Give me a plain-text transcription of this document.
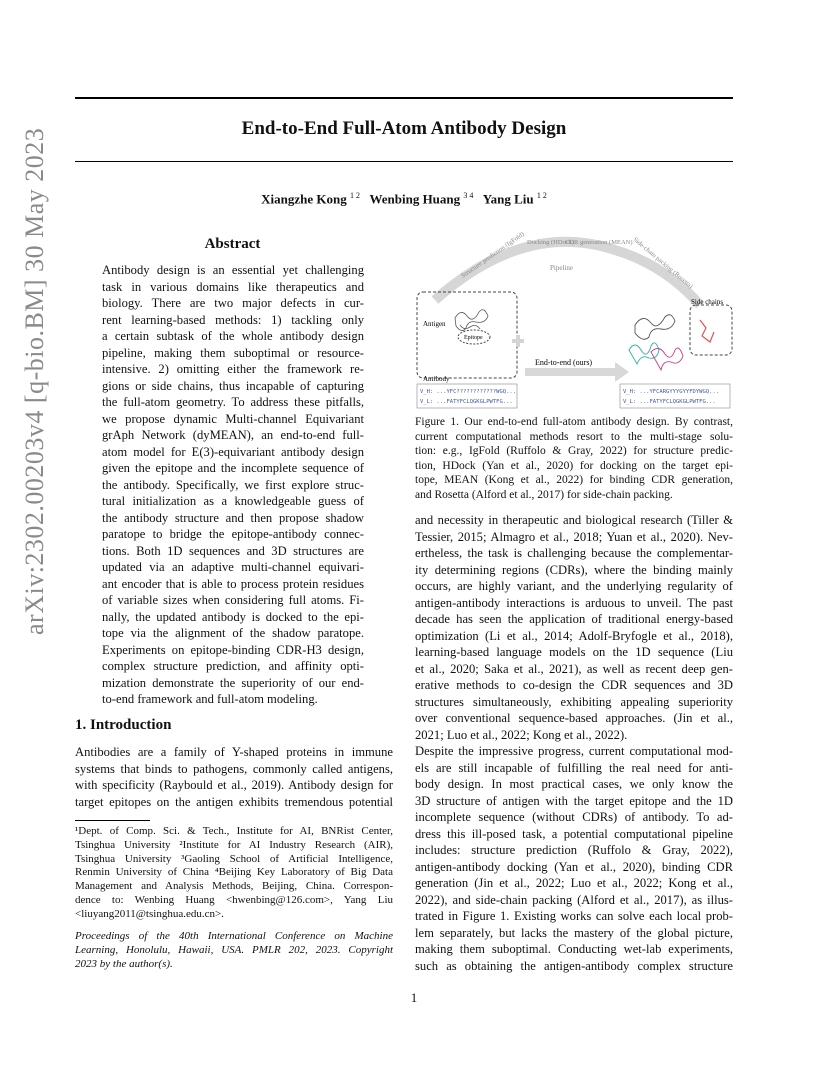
arXiv:2302.00203v4 [q-bio.BM] 30 May 2023	End-to-End Full-Atom Antibody Design
Xiangzhe Kong $^{1 2}$ Wenbing Huang $^{3 4}$ Yang Liu $^{1 2}$
Abstract
Antibody design is an essential yet challenging
task in various domains like therapeutics and
biology. There are two major defects in cur-
rent learning-based methods: 1) tackling only
a certain subtask of the whole antibody design
pipeline, making them suboptimal or resource-
intensive. 2) omitting either the framework re-
gions or side chains, thus incapable of capturing
the full-atom geometry. To address these pitfalls,
we propose dynamic Multi-channel Equivariant
grAph Network (dyMEAN), an end-to-end full-
atom model for E(3)-equivariant antibody design
given the epitope and the incomplete sequence of
the antibody. Specifically, we first explore struc-
tural initialization as a knowledgeable guess of
the antibody structure and then propose shadow
paratope to bridge the epitope-antibody connec-
tions. Both 1D sequences and 3D structures are
updated via an adaptive multi-channel equivari-
ant encoder that is able to process protein residues
of variable sizes when considering full atoms. Fi-
nally, the updated antibody is docked to the epi-
tope via the alignment of the shadow paratope.
Experiments on epitope-binding CDR-H3 design,
complex structure prediction, and affinity opti-
mization demonstrate the superiority of our end-
to-end framework and full-atom modeling.
1. Introduction
Antibodies are a family of Y-shaped proteins in immune
systems that binds to pathogens, commonly called antigens,
with specificity (Raybould et al., 2019). Antibody design for
target epitopes on the antigen exhibits tremendous potential
¹Dept. of Comp. Sci. & Tech., Institute for AI, BNRist Center,
Tsinghua University ²Institute for AI Industry Research (AIR),
Tsinghua University ³Gaoling School of Artificial Intelligence,
Renmin University of China ⁴Beijing Key Laboratory of Big Data
Management and Analysis Methods, Beijing, China. Correspon-
dence to: Wenbing Huang <hwenbing@126.com>, Yang Liu
<liuyang2011@tsinghua.edu.cn>.
Proceedings of the 40th International Conference on Machine
Learning, Honolulu, Hawaii, USA. PMLR 202, 2023. Copyright
2023 by the author(s).
Structure prediction (IgFold) Docking (HDock)
CDR generation (MEAN) Side-chain packing (Rosetta)
Pipeline
Antigen
Epitope
Antibody
V_H: ...YFC????????????WGQ...
V_L: ...FATYFCLQGKGLPWTFG...
End-to-end (ours)
Side chains
V_H: ...YFCARGYYYGYYFDYWGQ...
V_L: ...FATYFCLQGKGLPWTFG...
Figure 1. Our end-to-end full-atom antibody design. By contrast,
current computational methods resort to the multi-stage solu-
tion: e.g., IgFold (Ruffolo & Gray, 2022) for structure predic-
tion, HDock (Yan et al., 2020) for docking on the target epi-
tope, MEAN (Kong et al., 2022) for binding CDR generation,
and Rosetta (Alford et al., 2017) for side-chain packing.
and necessity in therapeutic and biological research (Tiller &
Tessier, 2015; Almagro et al., 2018; Yuan et al., 2020). Nev-
ertheless, the task is challenging because the complementar-
ity determining regions (CDRs), where the binding mainly
occurs, are highly variant, and the underlying regularity of
antigen-antibody interactions is arduous to unveil. The past
decade has seen the application of traditional energy-based
optimization (Li et al., 2014; Adolf-Bryfogle et al., 2018),
learning-based language models on the 1D sequence (Liu
et al., 2020; Saka et al., 2021), as well as recent deep gen-
erative methods to co-design the CDR sequences and 3D
structures simultaneously, exhibiting appealing superiority
over conventional sequence-based approaches. (Jin et al.,
2021; Luo et al., 2022; Kong et al., 2022).
Despite the impressive progress, current computational mod-
els are still incapable of fulfilling the real need for anti-
body design. In most practical cases, we only know the
3D structure of antigen with the target epitope and the 1D
incomplete sequence (without CDRs) of antibody. To ad-
dress this ill-posed task, a potential computational pipeline
includes: structure prediction (Ruffolo & Gray, 2022),
antigen-antibody docking (Yan et al., 2020), binding CDR
generation (Jin et al., 2022; Luo et al., 2022; Kong et al.,
2022), and side-chain packing (Alford et al., 2017), as illus-
trated in Figure 1. Existing works can solve each local prob-
lem separately, but lacks the mastery of the global picture,
making them suboptimal. Conducting wet-lab experiments,
such as obtaining the antigen-antibody complex structure
1
